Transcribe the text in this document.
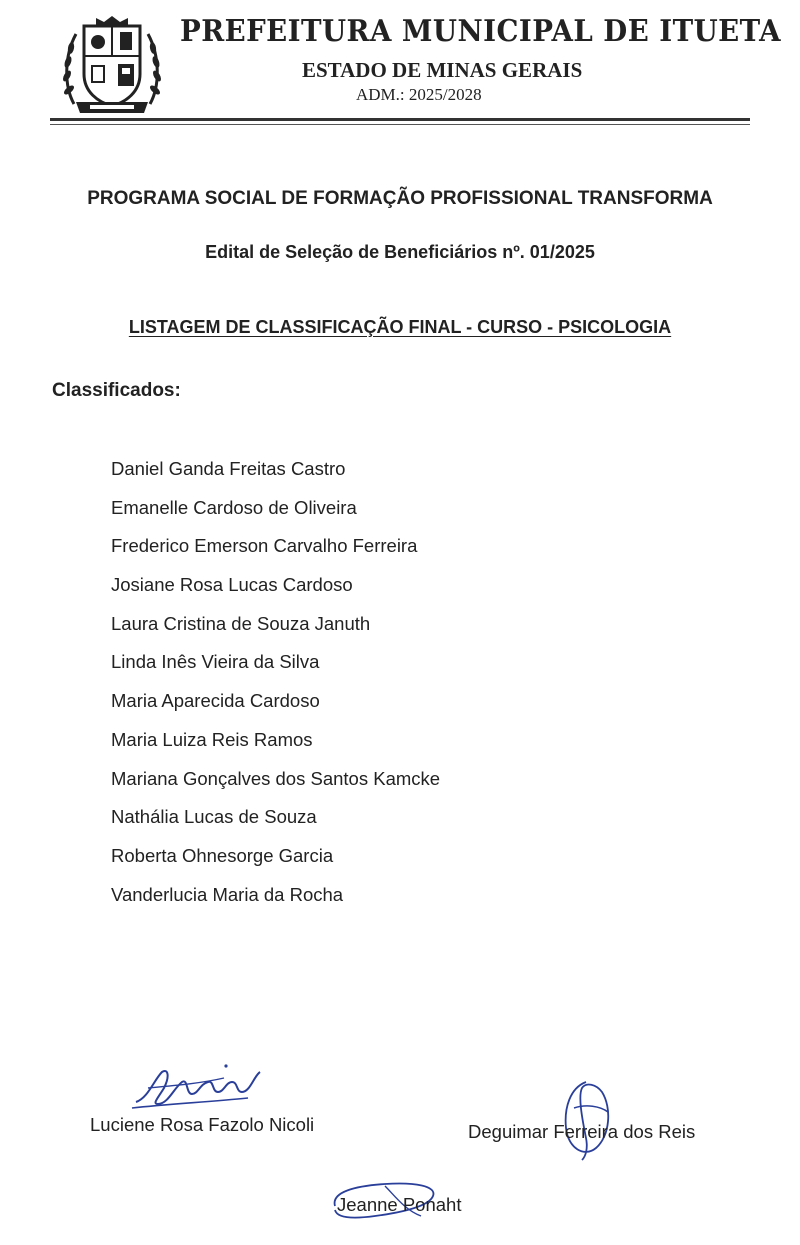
PREFEITURA MUNICIPAL DE ITUETA
ESTADO DE MINAS GERAIS
ADM.: 2025/2028
PROGRAMA SOCIAL DE FORMAÇÃO PROFISSIONAL TRANSFORMA
Edital de Seleção de Beneficiários nº. 01/2025
LISTAGEM DE CLASSIFICAÇÃO FINAL - CURSO - PSICOLOGIA
Classificados:
Daniel Ganda Freitas Castro
Emanelle Cardoso de Oliveira
Frederico Emerson Carvalho Ferreira
Josiane Rosa Lucas Cardoso
Laura Cristina de Souza Januth
Linda Inês Vieira da Silva
Maria Aparecida Cardoso
Maria Luiza Reis Ramos
Mariana Gonçalves dos Santos Kamcke
Nathália Lucas de Souza
Roberta Ohnesorge Garcia
Vanderlucia Maria da Rocha
Luciene Rosa Fazolo Nicoli	Deguimar Ferreira dos Reis
Jeanne Ponaht
